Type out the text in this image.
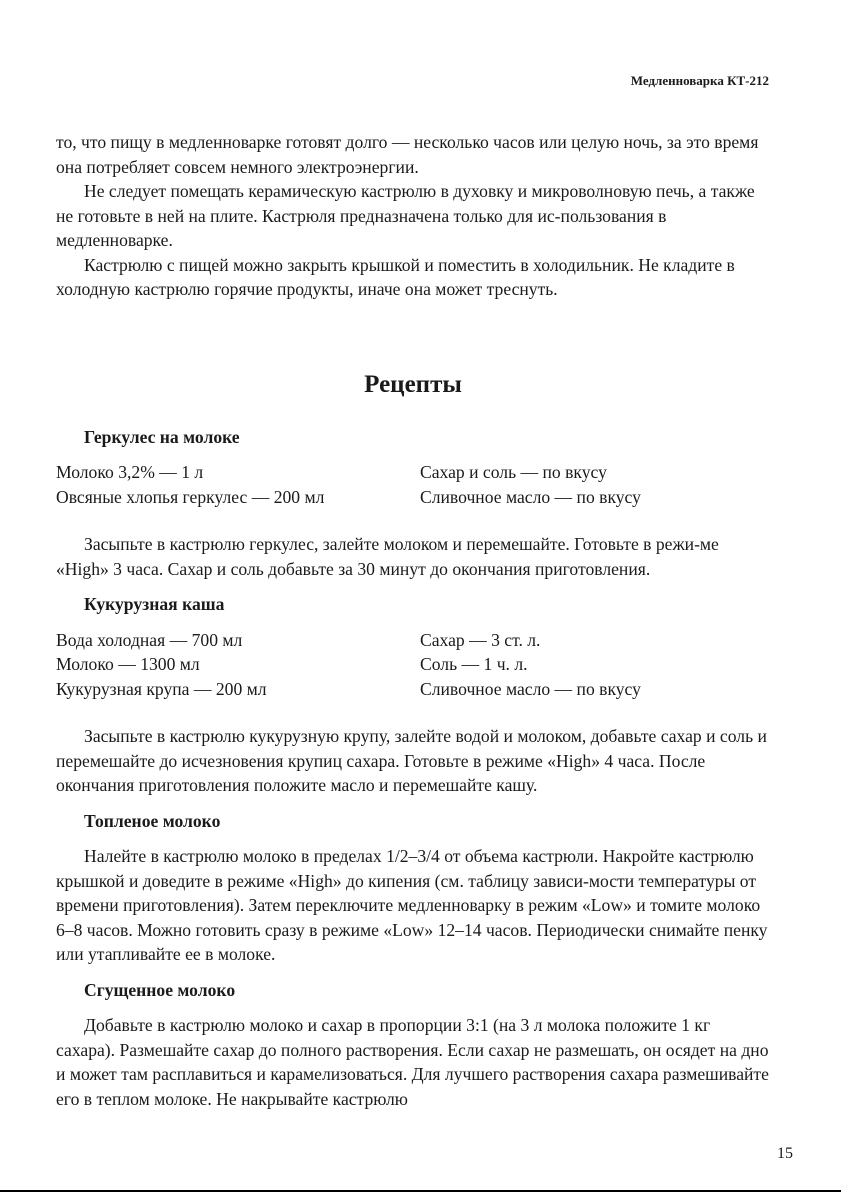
Медленноварка КТ-212

то, что пищу в медленноварке готовят долго — несколько часов или целую ночь, за это время она потребляет совсем немного электроэнергии.

Не следует помещать керамическую кастрюлю в духовку и микроволновую печь, а также не готовьте в ней на плите. Кастрюля предназначена только для ис-пользования в медленноварке.

Кастрюлю с пищей можно закрыть крышкой и поместить в холодильник. Не кладите в холодную кастрюлю горячие продукты, иначе она может треснуть.

Рецепты

Геркулес на молоке

Молоко 3,2% — 1 л	Сахар и соль — по вкусу
Овсяные хлопья геркулес — 200 мл	Сливочное масло — по вкусу

Засыпьте в кастрюлю геркулес, залейте молоком и перемешайте. Готовьте в режи-ме «High» 3 часа. Сахар и соль добавьте за 30 минут до окончания приготовления.

Кукурузная каша

Вода холодная — 700 мл	Сахар — 3 ст. л.
Молоко — 1300 мл	Соль — 1 ч. л.
Кукурузная крупа — 200 мл	Сливочное масло — по вкусу

Засыпьте в кастрюлю кукурузную крупу, залейте водой и молоком, добавьте сахар и соль и перемешайте до исчезновения крупиц сахара. Готовьте в режиме «High» 4 часа. После окончания приготовления положите масло и перемешайте кашу.

Топленое молоко

Налейте в кастрюлю молоко в пределах 1/2–3/4 от объема кастрюли. Накройте кастрюлю крышкой и доведите в режиме «High» до кипения (см. таблицу зависи-мости температуры от времени приготовления). Затем переключите медленноварку в режим «Low» и томите молоко 6–8 часов. Можно готовить сразу в режиме «Low» 12–14 часов. Периодически снимайте пенку или утапливайте ее в молоке.

Сгущенное молоко

Добавьте в кастрюлю молоко и сахар в пропорции 3:1 (на 3 л молока положите 1 кг сахара). Размешайте сахар до полного растворения. Если сахар не размешать, он осядет на дно и может там расплавиться и карамелизоваться. Для лучшего растворения сахара размешивайте его в теплом молоке. Не накрывайте кастрюлю

15
